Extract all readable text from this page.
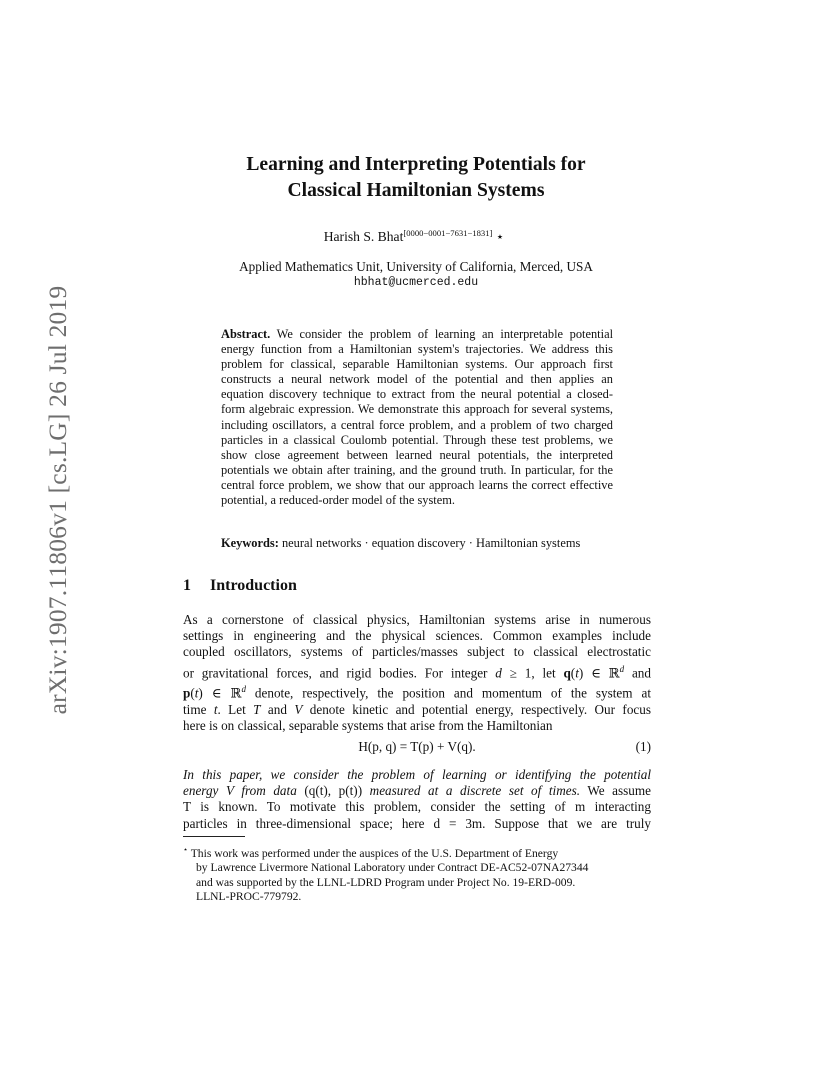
arXiv:1907.11806v1 [cs.LG] 26 Jul 2019
Learning and Interpreting Potentials for
Classical Hamiltonian Systems
Harish S. Bhat[0000−0001−7631−1831] ⋆
Applied Mathematics Unit, University of California, Merced, USA
hbhat@ucmerced.edu
Abstract. We consider the problem of learning an interpretable potential energy function from a Hamiltonian system's trajectories. We address this problem for classical, separable Hamiltonian systems. Our approach first constructs a neural network model of the potential and then applies an equation discovery technique to extract from the neural potential a closed-form algebraic expression. We demonstrate this approach for several systems, including oscillators, a central force problem, and a problem of two charged particles in a classical Coulomb potential. Through these test problems, we show close agreement between learned neural potentials, the interpreted potentials we obtain after training, and the ground truth. In particular, for the central force problem, we show that our approach learns the correct effective potential, a reduced-order model of the system.
Keywords: neural networks · equation discovery · Hamiltonian systems
1 Introduction
As a cornerstone of classical physics, Hamiltonian systems arise in numerous
settings in engineering and the physical sciences. Common examples include
coupled oscillators, systems of particles/masses subject to classical electrostatic
or gravitational forces, and rigid bodies. For integer d ≥ 1, let q(t) ∈ ℝ$^d$ and
p(t) ∈ ℝ$^d$ denote, respectively, the position and momentum of the system at
time t. Let T and V denote kinetic and potential energy, respectively. Our focus
here is on classical, separable systems that arise from the Hamiltonian
H(p, q) = T(p) + V(q).	(1)
In this paper, we consider the problem of learning or identifying the potential
energy V from data (q(t), p(t)) measured at a discrete set of times. We assume
T is known. To motivate this problem, consider the setting of m interacting
particles in three-dimensional space; here d = 3m. Suppose that we are truly
⋆ This work was performed under the auspices of the U.S. Department of Energy
by Lawrence Livermore National Laboratory under Contract DE-AC52-07NA27344
and was supported by the LLNL-LDRD Program under Project No. 19-ERD-009.
LLNL-PROC-779792.
